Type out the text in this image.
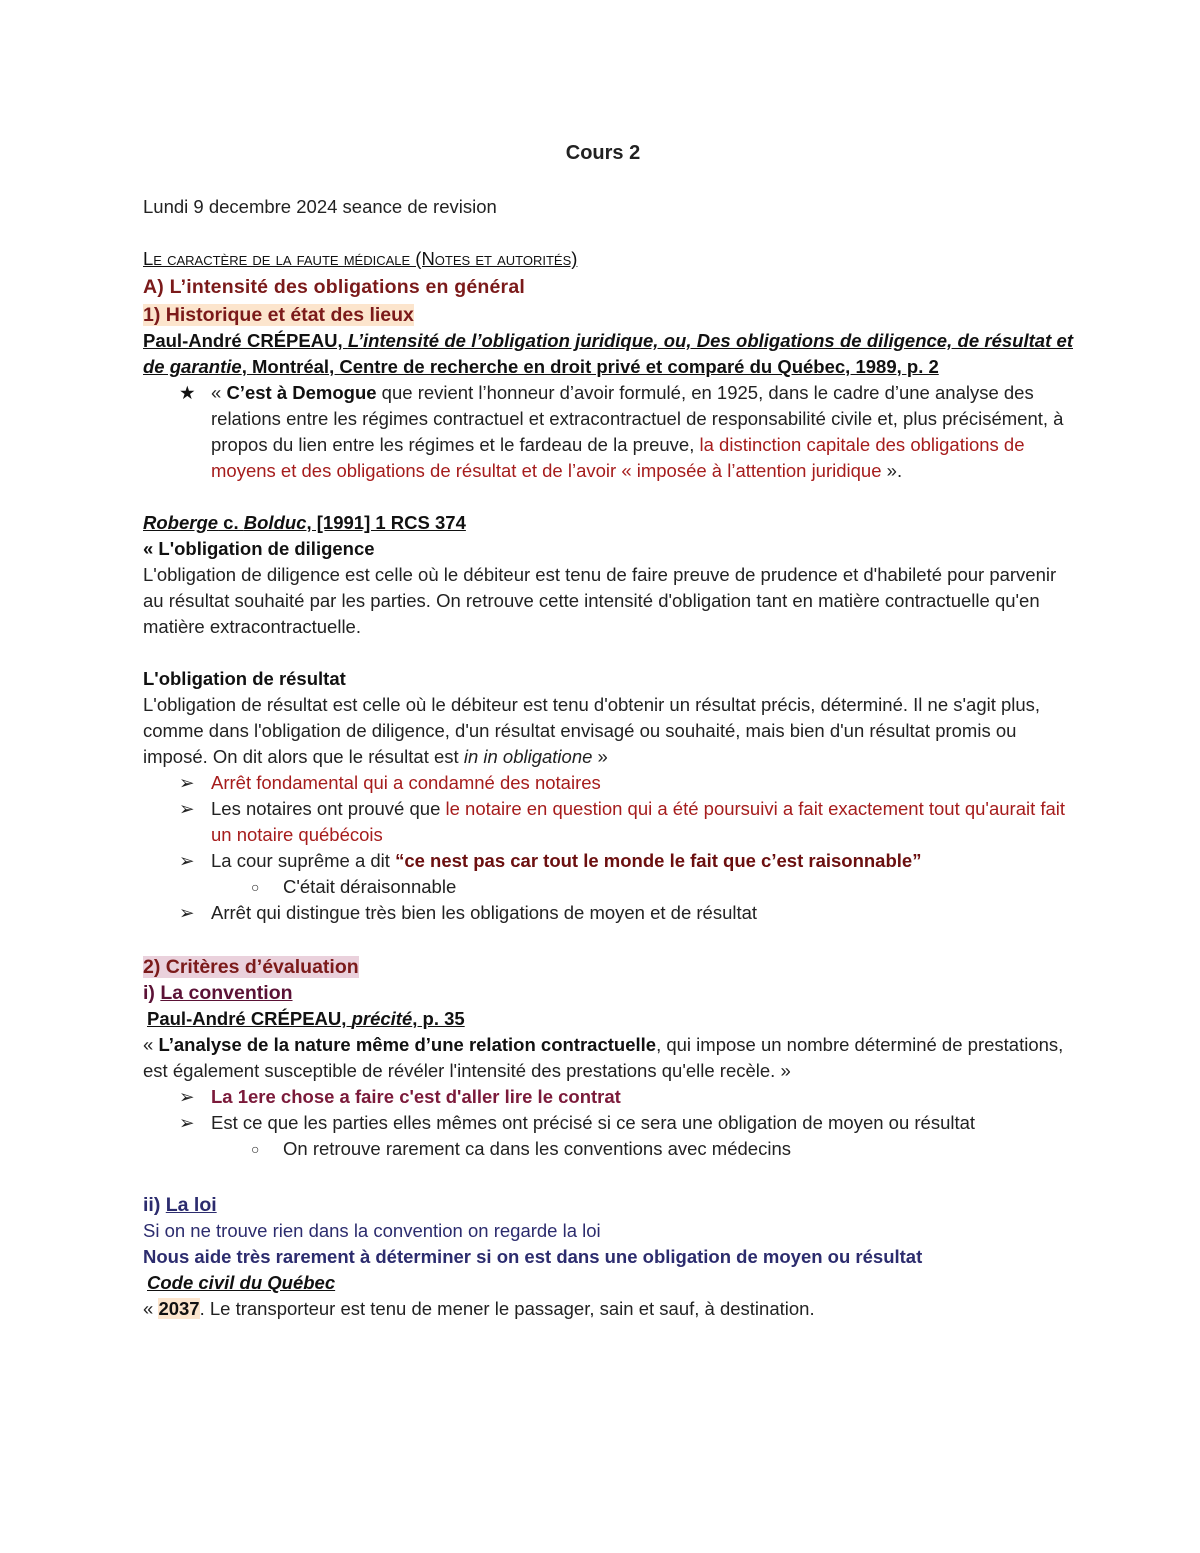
Cours 2

Lundi 9 decembre 2024 seance de revision

Le caractère de la faute médicale (Notes et autorités)

A) L’intensité des obligations en général

1) Historique et état des lieux

Paul-André CRÉPEAU, L’intensité de l’obligation juridique, ou, Des obligations de diligence, de résultat et de garantie, Montréal, Centre de recherche en droit privé et comparé du Québec, 1989, p. 2

★ « C’est à Demogue que revient l’honneur d’avoir formulé, en 1925, dans le cadre d’une analyse des relations entre les régimes contractuel et extracontractuel de responsabilité civile et, plus précisément, à propos du lien entre les régimes et le fardeau de la preuve, la distinction capitale des obligations de moyens et des obligations de résultat et de l’avoir « imposée à l’attention juridique ».

Roberge c. Bolduc, [1991] 1 RCS 374

« L'obligation de diligence

L'obligation de diligence est celle où le débiteur est tenu de faire preuve de prudence et d'habileté pour parvenir au résultat souhaité par les parties. On retrouve cette intensité d'obligation tant en matière contractuelle qu'en matière extracontractuelle.

L'obligation de résultat

L'obligation de résultat est celle où le débiteur est tenu d'obtenir un résultat précis, déterminé. Il ne s'agit plus, comme dans l'obligation de diligence, d'un résultat envisagé ou souhaité, mais bien d'un résultat promis ou imposé. On dit alors que le résultat est in in obligatione »

➢ Arrêt fondamental qui a condamné des notaires
➢ Les notaires ont prouvé que le notaire en question qui a été poursuivi a fait exactement tout qu'aurait fait un notaire québécois
➢ La cour suprême a dit “ce nest pas car tout le monde le fait que c’est raisonnable”
○ C'était déraisonnable
➢ Arrêt qui distingue très bien les obligations de moyen et de résultat

2) Critères d’évaluation

i) La convention

Paul-André CRÉPEAU, précité, p. 35

« L’analyse de la nature même d’une relation contractuelle, qui impose un nombre déterminé de prestations, est également susceptible de révéler l'intensité des prestations qu'elle recèle. »

➢ La 1ere chose a faire c'est d'aller lire le contrat
➢ Est ce que les parties elles mêmes ont précisé si ce sera une obligation de moyen ou résultat
○ On retrouve rarement ca dans les conventions avec médecins

ii) La loi

Si on ne trouve rien dans la convention on regarde la loi

Nous aide très rarement à déterminer si on est dans une obligation de moyen ou résultat

Code civil du Québec

« 2037. Le transporteur est tenu de mener le passager, sain et sauf, à destination.
